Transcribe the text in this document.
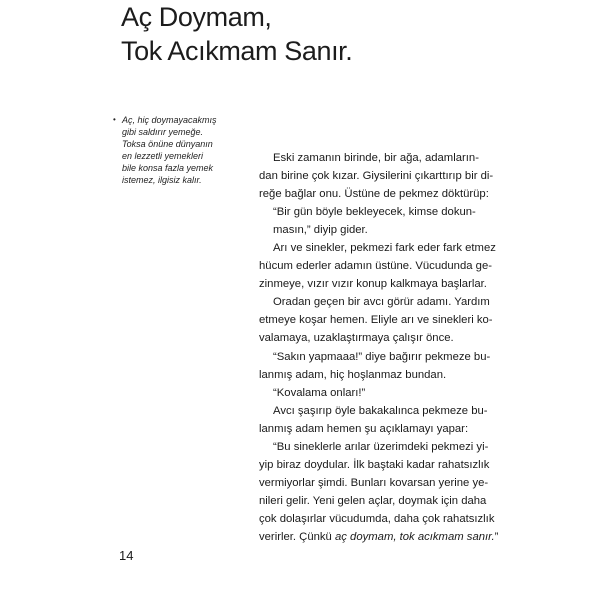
Aç Doymam,
Tok Acıkmam Sanır.
• Aç, hiç doymayacakmış
gibi saldırır yemeğe.
Toksa önüne dünyanın
en lezzetli yemekleri
bile konsa fazla yemek
istemez, ilgisiz kalır.
Eski zamanın birinde, bir ağa, adamların-
dan birine çok kızar. Giysilerini çıkarttırıp bir di-
reğe bağlar onu. Üstüne de pekmez döktürüp:
“Bir gün böyle bekleyecek, kimse dokun-
masın,” diyip gider.
Arı ve sinekler, pekmezi fark eder fark etmez
hücum ederler adamın üstüne. Vücudunda ge-
zinmeye, vızır vızır konup kalkmaya başlarlar.
Oradan geçen bir avcı görür adamı. Yardım
etmeye koşar hemen. Eliyle arı ve sinekleri ko-
valamaya, uzaklaştırmaya çalışır önce.
“Sakın yapmaaa!” diye bağırır pekmeze bu-
lanmış adam, hiç hoşlanmaz bundan.
“Kovalama onları!”
Avcı şaşırıp öyle bakakalınca pekmeze bu-
lanmış adam hemen şu açıklamayı yapar:
“Bu sineklerle arılar üzerimdeki pekmezi yi-
yip biraz doydular. İlk baştaki kadar rahatsızlık
vermiyorlar şimdi. Bunları kovarsan yerine ye-
nileri gelir. Yeni gelen açlar, doymak için daha
çok dolaşırlar vücudumda, daha çok rahatsızlık
verirler. Çünkü aç doymam, tok acıkmam sanır.”
14
